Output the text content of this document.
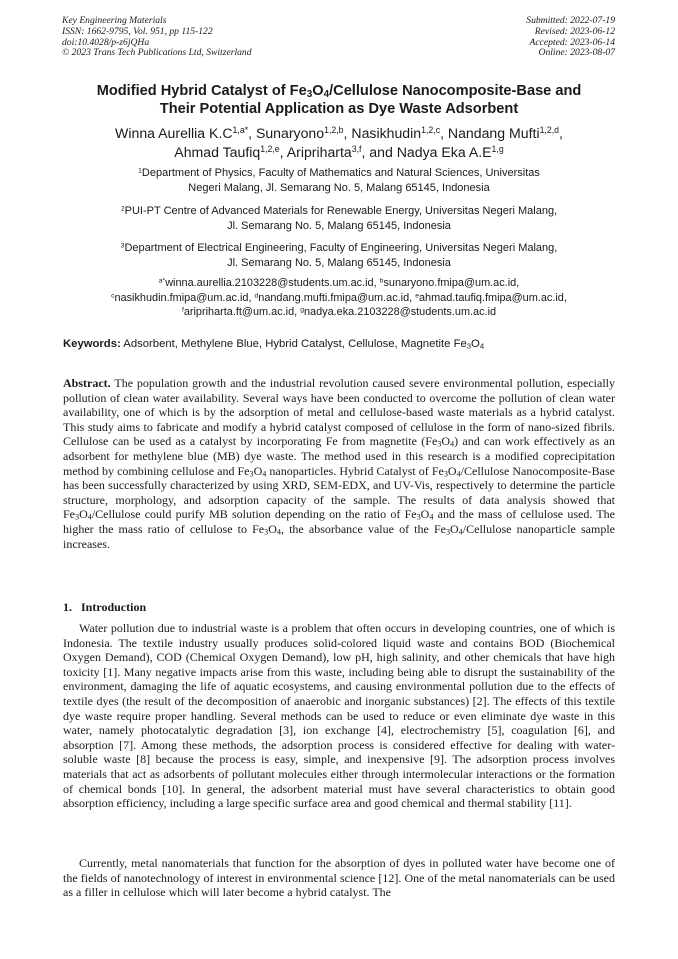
Key Engineering Materials
ISSN: 1662-9795, Vol. 951, pp 115-122
doi:10.4028/p-z6jQHa
© 2023 Trans Tech Publications Ltd, Switzerland
Submitted: 2022-07-19
Revised: 2023-06-12
Accepted: 2023-06-14
Online: 2023-08-07
Modified Hybrid Catalyst of $Fe_3O_4$/Cellulose Nanocomposite-Base and
Their Potential Application as Dye Waste Adsorbent
Winna Aurellia $K.C^{1,a*}$, Sunaryono$^{1,2,b}$, Nasikhudin$^{1,2,c}$, Nandang Mufti$^{1,2,d}$,
Ahmad Taufiq$^{1,2,e}$, Aripriharta$^{3,f}$, and Nadya Eka $A.E^{1,g}$
$^1$Department of Physics, Faculty of Mathematics and Natural Sciences, Universitas
Negeri Malang, Jl. Semarang No. 5, Malang 65145, Indonesia
$^2$PUI-PT Centre of Advanced Materials for Renewable Energy, Universitas Negeri Malang,
Jl. Semarang No. 5, Malang 65145, Indonesia
$^3$Department of Electrical Engineering, Faculty of Engineering, Universitas Negeri Malang,
Jl. Semarang No. 5, Malang 65145, Indonesia
$^{a*}$winna.aurellia.2103228@students.um.ac.id, $^b$sunaryono.fmipa@um.ac.id,
$^c$nasikhudin.fmipa@um.ac.id, $^d$nandang.mufti.fmipa@um.ac.id, $^e$ahmad.taufiq.fmipa@um.ac.id,
$^f$aripriharta.ft@um.ac.id, $^g$nadya.eka.2103228@students.um.ac.id
Keywords: Adsorbent, Methylene Blue, Hybrid Catalyst, Cellulose, Magnetite $Fe_3O_4$
Abstract. The population growth and the industrial revolution caused severe environmental pollution, especially pollution of clean water availability. Several ways have been conducted to overcome the pollution of clean water availability, one of which is by the adsorption of metal and cellulose-based waste materials as a hybrid catalyst. This study aims to fabricate and modify a hybrid catalyst composed of cellulose in the form of nano-sized fibrils. Cellulose can be used as a catalyst by incorporating Fe from magnetite $(Fe_3O_4)$ and can work effectively as an adsorbent for methylene blue (MB) dye waste. The method used in this research is a modified coprecipitation method by combining cellulose and $Fe_3O_4$ nanoparticles. Hybrid Catalyst of $Fe_3O_4$/Cellulose Nanocomposite-Base has been successfully characterized by using XRD, SEM-EDX, and UV-Vis, respectively to determine the particle structure, morphology, and adsorption capacity of the sample. The results of data analysis showed that $Fe_3O_4$/Cellulose could purify MB solution depending on the ratio of $Fe_3O_4$ and the mass of cellulose used. The higher the mass ratio of cellulose to $Fe_3O_4$, the absorbance value of the $Fe_3O_4$/Cellulose nanoparticle sample increases.
1. Introduction
Water pollution due to industrial waste is a problem that often occurs in developing countries, one of which is Indonesia. The textile industry usually produces solid-colored liquid waste and contains BOD (Biochemical Oxygen Demand), COD (Chemical Oxygen Demand), low pH, high salinity, and other chemicals that have high toxicity [1]. Many negative impacts arise from this waste, including being able to disrupt the sustainability of the environment, damaging the life of aquatic ecosystems, and causing environmental pollution due to the effects of textile dyes (the result of the decomposition of anaerobic and inorganic substances) [2]. The effects of this textile dye waste require proper handling. Several methods can be used to reduce or even eliminate dye waste in this water, namely photocatalytic degradation [3], ion exchange [4], electrochemistry [5], coagulation [6], and absorption [7]. Among these methods, the adsorption process is considered effective for dealing with water-soluble waste [8] because the process is easy, simple, and inexpensive [9]. The adsorption process involves materials that act as adsorbents of pollutant molecules either through intermolecular interactions or the formation of chemical bonds [10]. In general, the adsorbent material must have several characteristics to obtain good absorption efficiency, including a large specific surface area and good chemical and thermal stability [11].
Currently, metal nanomaterials that function for the absorption of dyes in polluted water have become one of the fields of nanotechnology of interest in environmental science [12]. One of the metal nanomaterials can be used as a filler in cellulose which will later become a hybrid catalyst. The
